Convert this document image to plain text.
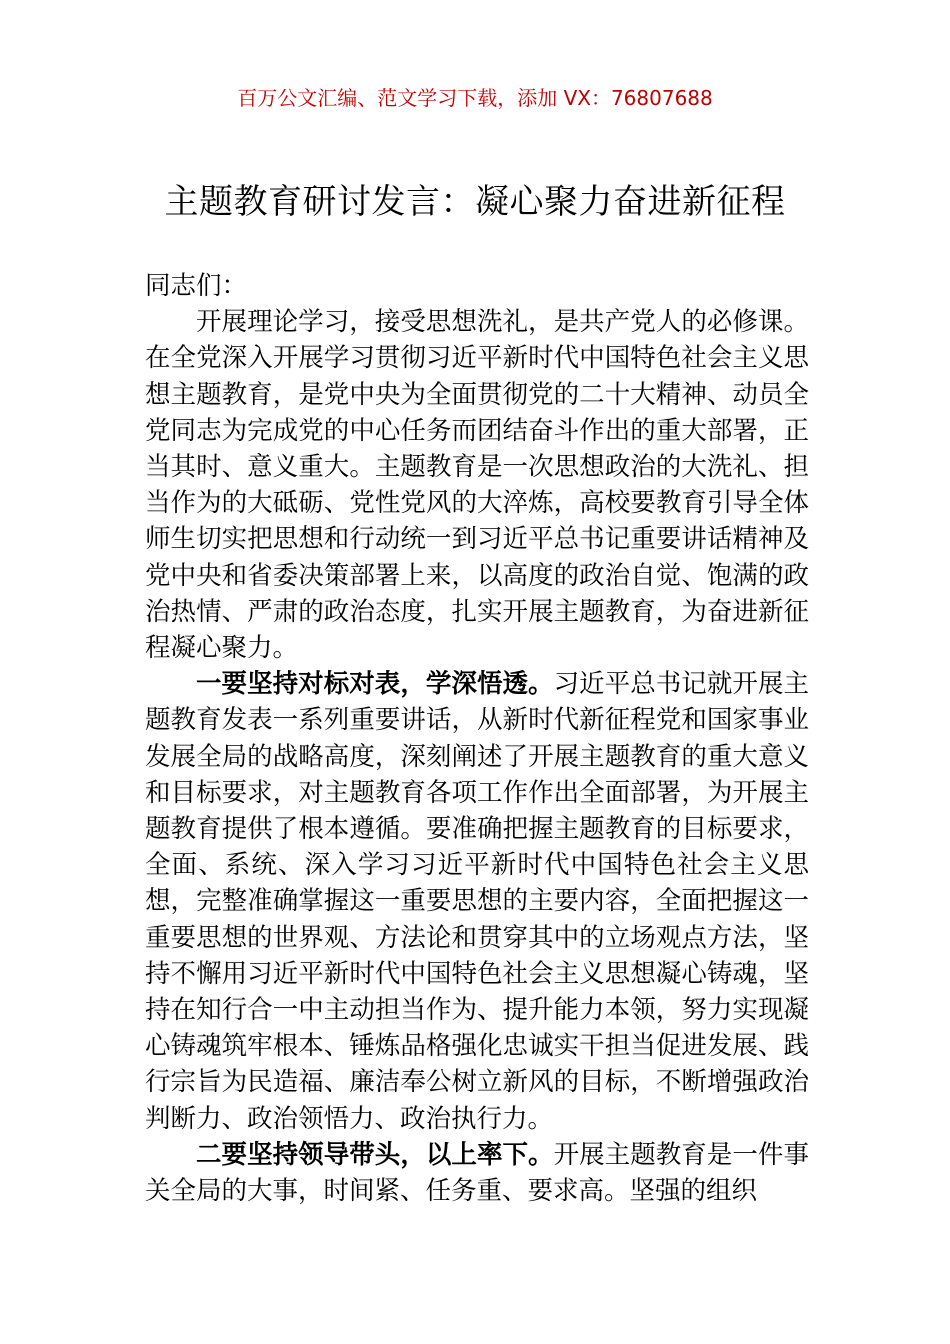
百万公文汇编、范文学习下载，添加 VX：76807688
主题教育研讨发言：凝心聚力奋进新征程

同志们：

开展理论学习，接受思想洗礼，是共产党人的必修课。在全党深入开展学习贯彻习近平新时代中国特色社会主义思想主题教育，是党中央为全面贯彻党的二十大精神、动员全党同志为完成党的中心任务而团结奋斗作出的重大部署，正当其时、意义重大。主题教育是一次思想政治的大洗礼、担当作为的大砥砺、党性党风的大淬炼，高校要教育引导全体师生切实把思想和行动统一到习近平总书记重要讲话精神及党中央和省委决策部署上来，以高度的政治自觉、饱满的政治热情、严肃的政治态度，扎实开展主题教育，为奋进新征程凝心聚力。

一要坚持对标对表，学深悟透。习近平总书记就开展主题教育发表一系列重要讲话，从新时代新征程党和国家事业发展全局的战略高度，深刻阐述了开展主题教育的重大意义和目标要求，对主题教育各项工作作出全面部署，为开展主题教育提供了根本遵循。要准确把握主题教育的目标要求，全面、系统、深入学习习近平新时代中国特色社会主义思想，完整准确掌握这一重要思想的主要内容，全面把握这一重要思想的世界观、方法论和贯穿其中的立场观点方法，坚持不懈用习近平新时代中国特色社会主义思想凝心铸魂，坚持在知行合一中主动担当作为、提升能力本领，努力实现凝心铸魂筑牢根本、锤炼品格强化忠诚实干担当促进发展、践行宗旨为民造福、廉洁奉公树立新风的目标，不断增强政治判断力、政治领悟力、政治执行力。

二要坚持领导带头，以上率下。开展主题教育是一件事关全局的大事，时间紧、任务重、要求高。坚强的组织
